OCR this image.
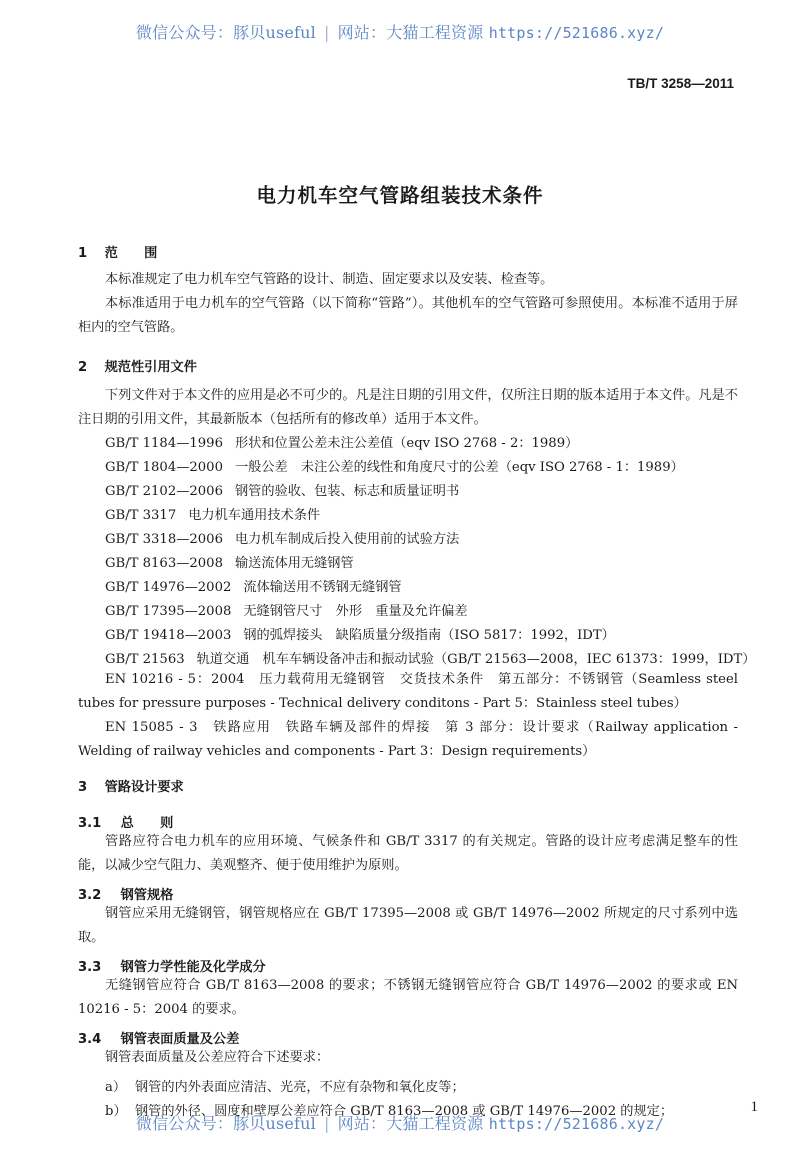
微信公众号：豚贝useful | 网站：大猫工程资源 https://521686.xyz/
TB/T 3258—2011
电力机车空气管路组装技术条件
1 范　　围
本标准规定了电力机车空气管路的设计、制造、固定要求以及安装、检查等。
本标准适用于电力机车的空气管路（以下简称“管路”）。其他机车的空气管路可参照使用。本标准不适用于屏柜内的空气管路。
2 规范性引用文件
下列文件对于本文件的应用是必不可少的。凡是注日期的引用文件，仅所注日期的版本适用于本文件。凡是不注日期的引用文件，其最新版本（包括所有的修改单）适用于本文件。
GB/T 1184—1996 形状和位置公差未注公差值（eqv ISO 2768 - 2：1989）
GB/T 1804—2000 一般公差　未注公差的线性和角度尺寸的公差（eqv ISO 2768 - 1：1989）
GB/T 2102—2006 钢管的验收、包装、标志和质量证明书
GB/T 3317 电力机车通用技术条件
GB/T 3318—2006 电力机车制成后投入使用前的试验方法
GB/T 8163—2008 输送流体用无缝钢管
GB/T 14976—2002 流体输送用不锈钢无缝钢管
GB/T 17395—2008 无缝钢管尺寸　外形　重量及允许偏差
GB/T 19418—2003 钢的弧焊接头　缺陷质量分级指南（ISO 5817：1992，IDT）
GB/T 21563 轨道交通　机车车辆设备冲击和振动试验（GB/T 21563—2008，IEC 61373：1999，IDT）
EN 10216 - 5：2004　压力载荷用无缝钢管　交货技术条件　第五部分：不锈钢管（Seamless steel tubes for pressure purposes - Technical delivery conditons - Part 5：Stainless steel tubes）
EN 15085 - 3　铁路应用　铁路车辆及部件的焊接　第 3 部分：设计要求（Railway application - Welding of railway vehicles and components - Part 3：Design requirements）
3 管路设计要求
3.1 总　　则
管路应符合电力机车的应用环境、气候条件和 GB/T 3317 的有关规定。管路的设计应考虑满足整车的性能，以减少空气阻力、美观整齐、便于使用维护为原则。
3.2 钢管规格
钢管应采用无缝钢管，钢管规格应在 GB/T 17395—2008 或 GB/T 14976—2002 所规定的尺寸系列中选取。
3.3 钢管力学性能及化学成分
无缝钢管应符合 GB/T 8163—2008 的要求；不锈钢无缝钢管应符合 GB/T 14976—2002 的要求或 EN 10216 - 5：2004 的要求。
3.4 钢管表面质量及公差
钢管表面质量及公差应符合下述要求：
a） 钢管的内外表面应清洁、光亮，不应有杂物和氧化皮等；
b） 钢管的外径、圆度和壁厚公差应符合 GB/T 8163—2008 或 GB/T 14976—2002 的规定；	1
微信公众号：豚贝useful | 网站：大猫工程资源 https://521686.xyz/
